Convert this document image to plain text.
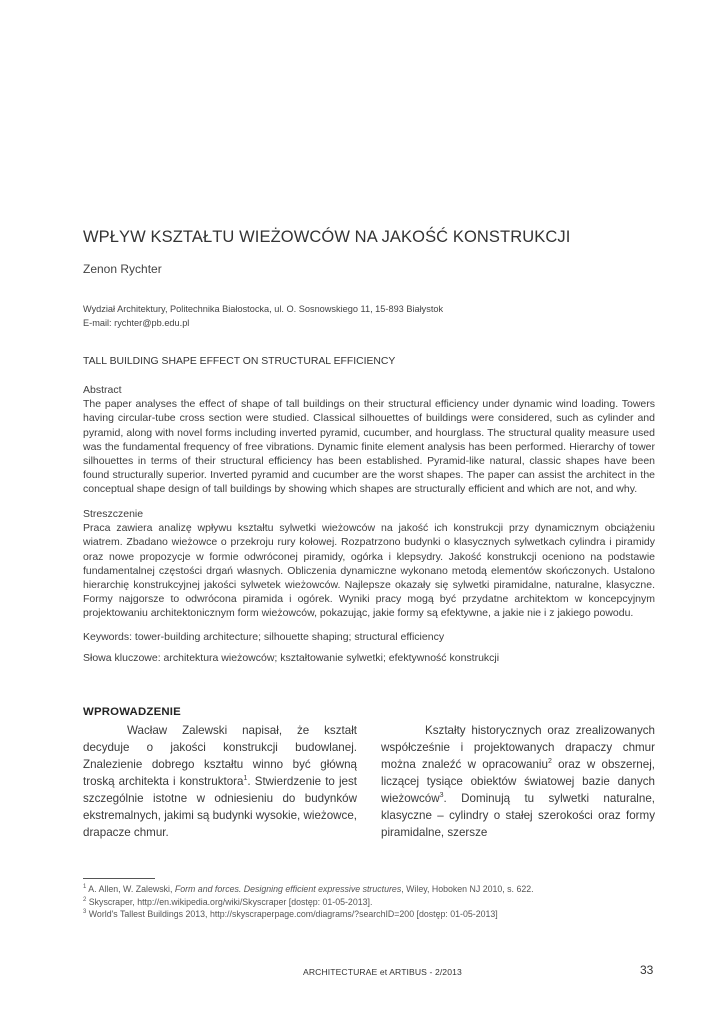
WPŁYW KSZTAŁTU WIEŻOWCÓW NA JAKOŚĆ KONSTRUKCJI
Zenon Rychter
Wydział Architektury, Politechnika Białostocka, ul. O. Sosnowskiego 11, 15-893 Białystok
E-mail: rychter@pb.edu.pl
TALL BUILDING SHAPE EFFECT ON STRUCTURAL EFFICIENCY
Abstract
The paper analyses the effect of shape of tall buildings on their structural efficiency under dynamic wind loading. Towers having circular-tube cross section were studied. Classical silhouettes of buildings were considered, such as cylinder and pyramid, along with novel forms including inverted pyramid, cucumber, and hourglass. The structural quality measure used was the fundamental frequency of free vibrations. Dynamic finite element analysis has been performed. Hierarchy of tower silhouettes in terms of their structural efficiency has been established. Pyramid-like natural, classic shapes have been found structurally superior. Inverted pyramid and cucumber are the worst shapes. The paper can assist the architect in the conceptual shape design of tall buildings by showing which shapes are structurally efficient and which are not, and why.
Streszczenie
Praca zawiera analizę wpływu kształtu sylwetki wieżowców na jakość ich konstrukcji przy dynamicznym obciążeniu wiatrem. Zbadano wieżowce o przekroju rury kołowej. Rozpatrzono budynki o klasycznych sylwetkach cylindra i piramidy oraz nowe propozycje w formie odwróconej piramidy, ogórka i klepsydry. Jakość konstrukcji oceniono na podstawie fundamentalnej częstości drgań własnych. Obliczenia dynamiczne wykonano metodą elementów skończonych. Ustalono hierarchię konstrukcyjnej jakości sylwetek wieżowców. Najlepsze okazały się sylwetki piramidalne, naturalne, klasyczne. Formy najgorsze to odwrócona piramida i ogórek. Wyniki pracy mogą być przydatne architektom w koncepcyjnym projektowaniu architektonicznym form wieżowców, pokazując, jakie formy są efektywne, a jakie nie i z jakiego powodu.
Keywords: tower-building architecture; silhouette shaping; structural efficiency
Słowa kluczowe: architektura wieżowców; kształtowanie sylwetki; efektywność konstrukcji
WPROWADZENIE

Wacław Zalewski napisał, że kształt decyduje o jakości konstrukcji budowlanej. Znalezienie dobrego kształtu winno być główną troską architekta i konstruktora$^1$. Stwierdzenie to jest szczególnie istotne w odniesieniu do budynków ekstremalnych, jakimi są budynki wysokie, wieżowce, drapacze chmur.

Kształty historycznych oraz zrealizowanych współcześnie i projektowanych drapaczy chmur można znaleźć w opracowaniu$^2$ oraz w obszernej, liczącej tysiące obiektów światowej bazie danych wieżowców$^3$. Dominują tu sylwetki naturalne, klasyczne – cylindry o stałej szerokości oraz formy piramidalne, szersze

$^1$ A. Allen, W. Zalewski, Form and forces. Designing efficient expressive structures, Wiley, Hoboken NJ 2010, s. 622.
$^2$ Skyscraper, http://en.wikipedia.org/wiki/Skyscraper [dostęp: 01-05-2013].
$^3$ World's Tallest Buildings 2013, http://skyscraperpage.com/diagrams/?searchID=200 [dostęp: 01-05-2013]
ARCHITECTURAE et ARTIBUS - 2/2013	33
